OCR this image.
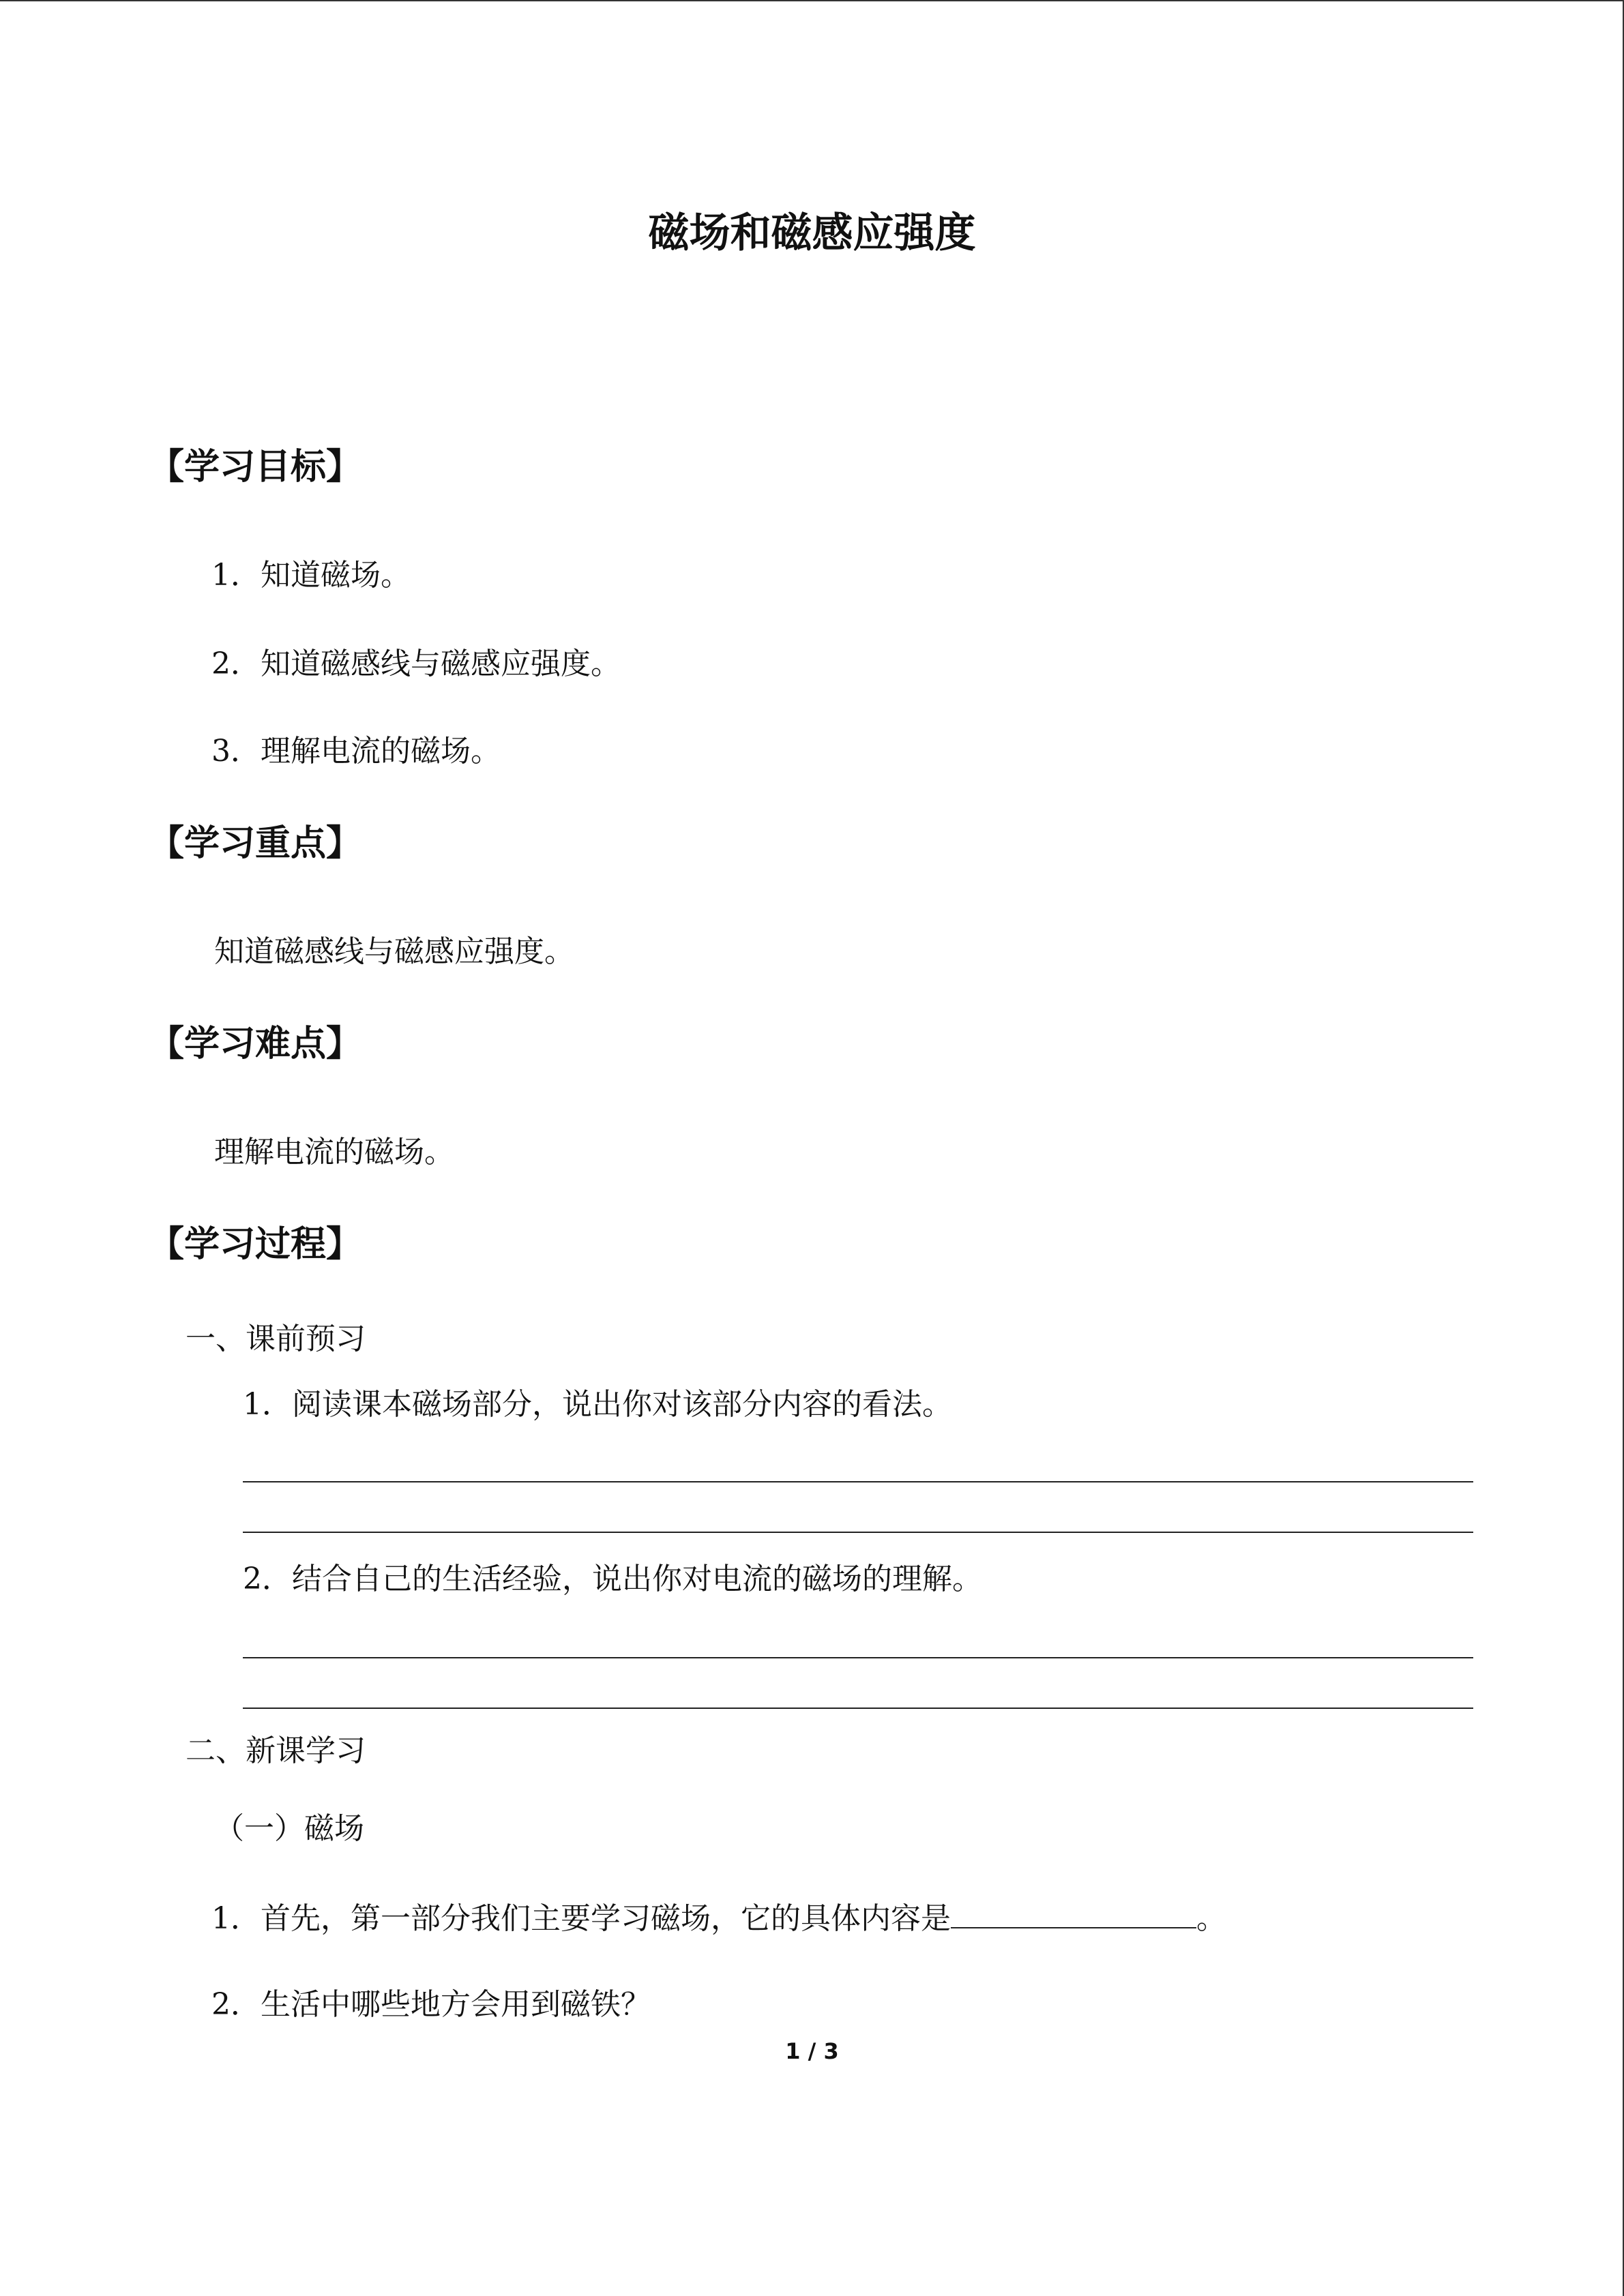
磁场和磁感应强度
【学习目标】
1．知道磁场。
2．知道磁感线与磁感应强度。
3．理解电流的磁场。
【学习重点】
知道磁感线与磁感应强度。
【学习难点】
理解电流的磁场。
【学习过程】
一、课前预习
1．阅读课本磁场部分，说出你对该部分内容的看法。
2．结合自己的生活经验，说出你对电流的磁场的理解。
二、新课学习
（一）磁场
1．首先，第一部分我们主要学习磁场，它的具体内容是	。
2．生活中哪些地方会用到磁铁？
1 / 3
